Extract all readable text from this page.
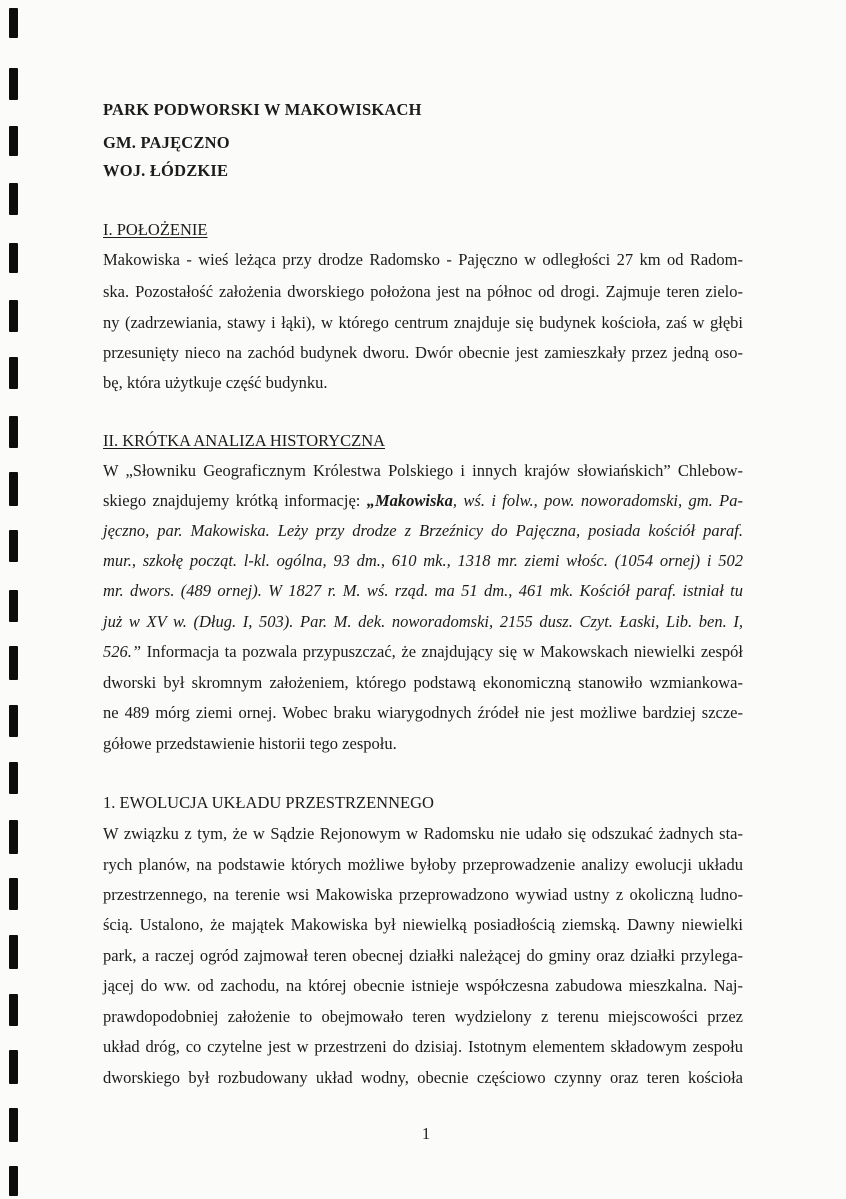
PARK PODWORSKI W MAKOWISKACH
GM. PAJĘCZNO
WOJ. ŁÓDZKIE
I. POŁOŻENIE
Makowiska - wieś leżąca przy drodze Radomsko - Pajęczno w odległości 27 km od Radom-
ska. Pozostałość założenia dworskiego położona jest na północ od drogi. Zajmuje teren zielo-
ny (zadrzewiania, stawy i łąki), w którego centrum znajduje się budynek kościoła, zaś w głębi
przesunięty nieco na zachód budynek dworu. Dwór obecnie jest zamieszkały przez jedną oso-
bę, która użytkuje część budynku.
II. KRÓTKA ANALIZA HISTORYCZNA
W „Słowniku Geograficznym Królestwa Polskiego i innych krajów słowiańskich” Chlebow-
skiego znajdujemy krótką informację: „Makowiska, wś. i folw., pow. noworadomski, gm. Pa-
jęczno, par. Makowiska. Leży przy drodze z Brzeźnicy do Pajęczna, posiada kościół paraf.
mur., szkołę począt. l-kl. ogólna, 93 dm., 610 mk., 1318 mr. ziemi włośc. (1054 ornej) i 502
mr. dwors. (489 ornej). W 1827 r. M. wś. rząd. ma 51 dm., 461 mk. Kościół paraf. istniał tu
już w XV w. (Dług. I, 503). Par. M. dek. noworadomski, 2155 dusz. Czyt. Łaski, Lib. ben. I,
526.” Informacja ta pozwala przypuszczać, że znajdujący się w Makowskach niewielki zespół
dworski był skromnym założeniem, którego podstawą ekonomiczną stanowiło wzmiankowa-
ne 489 mórg ziemi ornej. Wobec braku wiarygodnych źródeł nie jest możliwe bardziej szcze-
gółowe przedstawienie historii tego zespołu.
1. EWOLUCJA UKŁADU PRZESTRZENNEGO
W związku z tym, że w Sądzie Rejonowym w Radomsku nie udało się odszukać żadnych sta-
rych planów, na podstawie których możliwe byłoby przeprowadzenie analizy ewolucji układu
przestrzennego, na terenie wsi Makowiska przeprowadzono wywiad ustny z okoliczną ludno-
ścią. Ustalono, że majątek Makowiska był niewielką posiadłością ziemską. Dawny niewielki
park, a raczej ogród zajmował teren obecnej działki należącej do gminy oraz działki przylega-
jącej do ww. od zachodu, na której obecnie istnieje współczesna zabudowa mieszkalna. Naj-
prawdopodobniej założenie to obejmowało teren wydzielony z terenu miejscowości przez
układ dróg, co czytelne jest w przestrzeni do dzisiaj. Istotnym elementem składowym zespołu
dworskiego był rozbudowany układ wodny, obecnie częściowo czynny oraz teren kościoła
1
